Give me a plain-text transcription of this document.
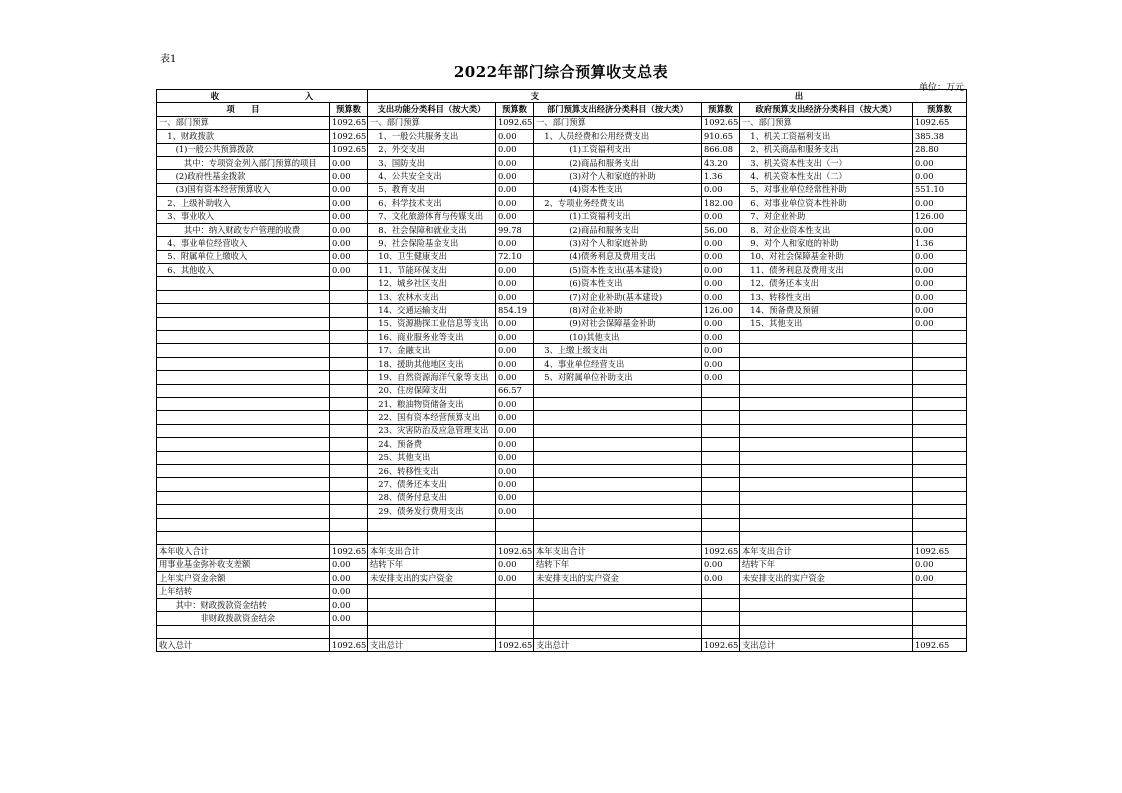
表1
2022年部门综合预算收支总表
单位：万元
收 入		支 出					
项　　目	预算数	支出功能分类科目（按大类）	预算数	部门预算支出经济分类科目（按大类）	预算数	政府预算支出经济分类科目（按大类）	预算数
一、部门预算	1092.65	一、部门预算	1092.65	一、部门预算	1092.65	一、部门预算	1092.65
　1、财政拨款	1092.65	　1、一般公共服务支出	0.00	　1、人员经费和公用经费支出	910.65	　1、机关工资福利支出	385.38
　　(1)一般公共预算拨款	1092.65	　2、外交支出	0.00	　　　　(1)工资福利支出	866.08	　2、机关商品和服务支出	28.80
　　　其中：专项资金列入部门预算的项目	0.00	　3、国防支出	0.00	　　　　(2)商品和服务支出	43.20	　3、机关资本性支出（一）	0.00
　　(2)政府性基金拨款	0.00	　4、公共安全支出	0.00	　　　　(3)对个人和家庭的补助	1.36	　4、机关资本性支出（二）	0.00
　　(3)国有资本经营预算收入	0.00	　5、教育支出	0.00	　　　　(4)资本性支出	0.00	　5、对事业单位经常性补助	551.10
　2、上级补助收入	0.00	　6、科学技术支出	0.00	　2、专项业务经费支出	182.00	　6、对事业单位资本性补助	0.00
　3、事业收入	0.00	　7、文化旅游体育与传媒支出	0.00	　　　　(1)工资福利支出	0.00	　7、对企业补助	126.00
　　　其中：纳入财政专户管理的收费	0.00	　8、社会保障和就业支出	99.78	　　　　(2)商品和服务支出	56.00	　8、对企业资本性支出	0.00
　4、事业单位经营收入	0.00	　9、社会保险基金支出	0.00	　　　　(3)对个人和家庭补助	0.00	　9、对个人和家庭的补助	1.36
　5、附属单位上缴收入	0.00	　10、卫生健康支出	72.10	　　　　(4)债务利息及费用支出	0.00	　10、对社会保障基金补助	0.00
　6、其他收入	0.00	　11、节能环保支出	0.00	　　　　(5)资本性支出(基本建设)	0.00	　11、债务利息及费用支出	0.00
		　12、城乡社区支出	0.00	　　　　(6)资本性支出	0.00	　12、债务还本支出	0.00
		　13、农林水支出	0.00	　　　　(7)对企业补助(基本建设)	0.00	　13、转移性支出	0.00
		　14、交通运输支出	854.19	　　　　(8)对企业补助	126.00	　14、预备费及预留	0.00
		　15、资源勘探工业信息等支出	0.00	　　　　(9)对社会保障基金补助	0.00	　15、其他支出	0.00
		　16、商业服务业等支出	0.00	　　　　(10)其他支出	0.00		
		　17、金融支出	0.00	　3、上缴上级支出	0.00		
		　18、援助其他地区支出	0.00	　4、事业单位经营支出	0.00		
		　19、自然资源海洋气象等支出	0.00	　5、对附属单位补助支出	0.00		
		　20、住房保障支出	66.57				
		　21、粮油物资储备支出	0.00				
		　22、国有资本经营预算支出	0.00				
		　23、灾害防治及应急管理支出	0.00				
		　24、预备费	0.00				
		　25、其他支出	0.00				
		　26、转移性支出	0.00				
		　27、债务还本支出	0.00				
		　28、债务付息支出	0.00				
		　29、债务发行费用支出	0.00				

本年收入合计	1092.65	本年支出合计	1092.65	本年支出合计	1092.65	本年支出合计	1092.65
用事业基金弥补收支差额	0.00	结转下年	0.00	结转下年	0.00	结转下年	0.00
上年实户资金余额	0.00	未安排支出的实户资金	0.00	未安排支出的实户资金	0.00	未安排支出的实户资金	0.00
上年结转	0.00						
　　其中：财政拨款资金结转	0.00						
　　　　　非财政拨款资金结余	0.00						

收入总计	1092.65	支出总计	1092.65	支出总计	1092.65	支出总计	1092.65
